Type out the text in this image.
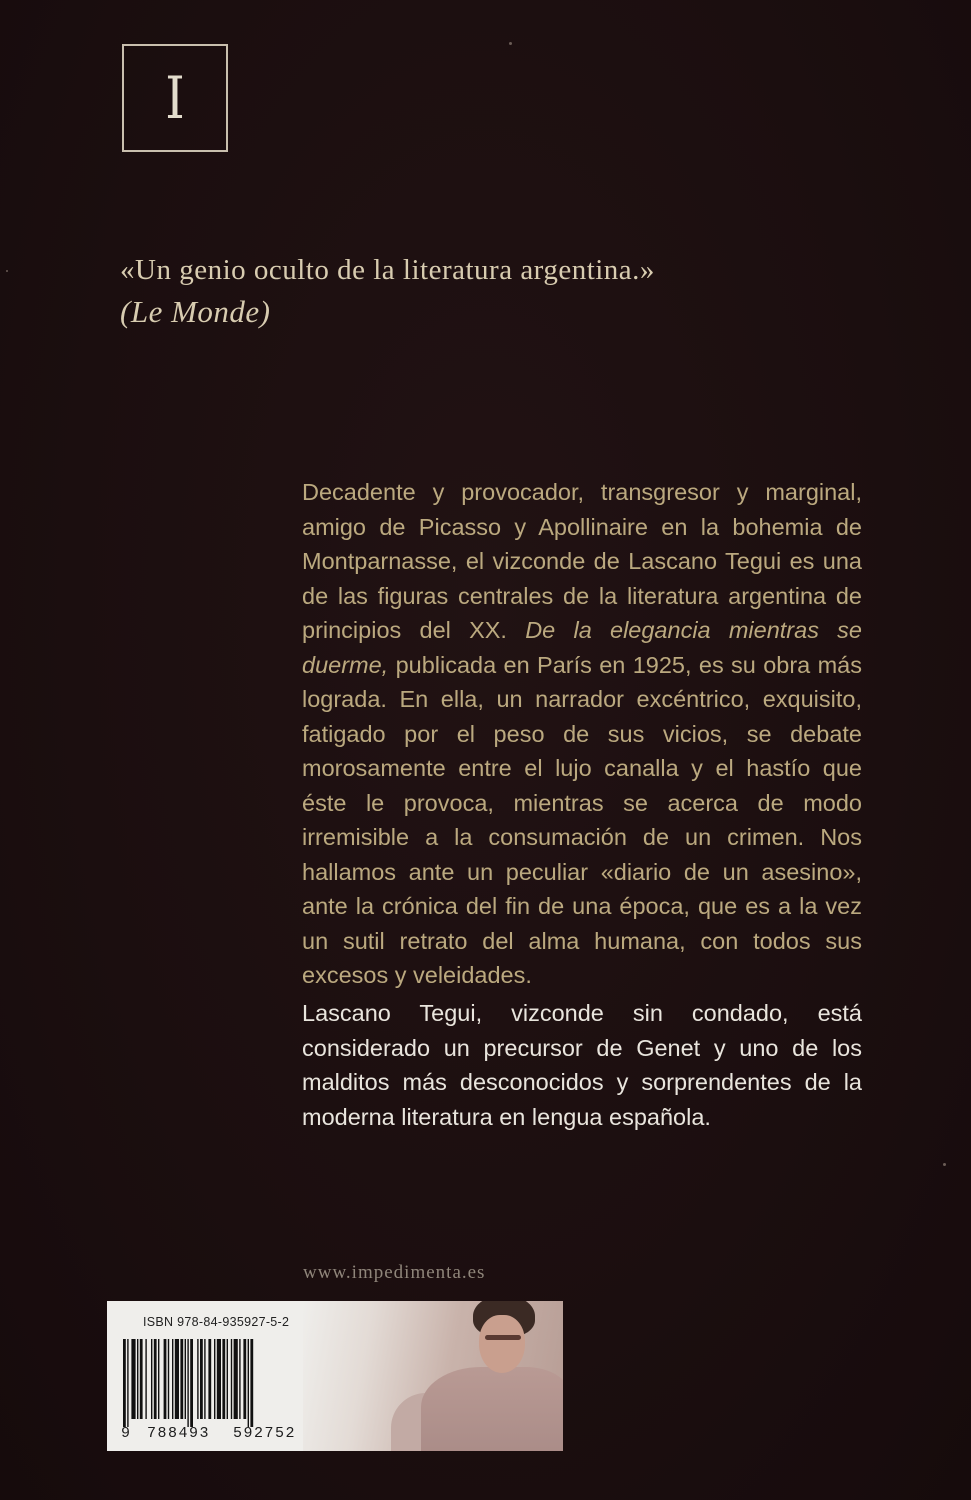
I
«Un genio oculto de la literatura argentina.»
(Le Monde)
Decadente y provocador, transgresor y marginal, amigo de Picasso y Apollinaire en la bohemia de Montparnasse, el vizconde de Lascano Tegui es una de las figuras centrales de la literatura argentina de principios del XX. De la elegancia mientras se duerme, publicada en París en 1925, es su obra más lograda. En ella, un narrador excéntrico, exquisito, fatigado por el peso de sus vicios, se debate morosamente entre el lujo canalla y el hastío que éste le provoca, mientras se acerca de modo irremisible a la consumación de un crimen. Nos hallamos ante un peculiar «diario de un asesino», ante la crónica del fin de una época, que es a la vez un sutil retrato del alma humana, con todos sus excesos y veleidades.
Lascano Tegui, vizconde sin condado, está considerado un precursor de Genet y uno de los malditos más desconocidos y sorprendentes de la moderna literatura en lengua española.
www.impedimenta.es
ISBN 978-84-935927-5-2
9 788493 592752
